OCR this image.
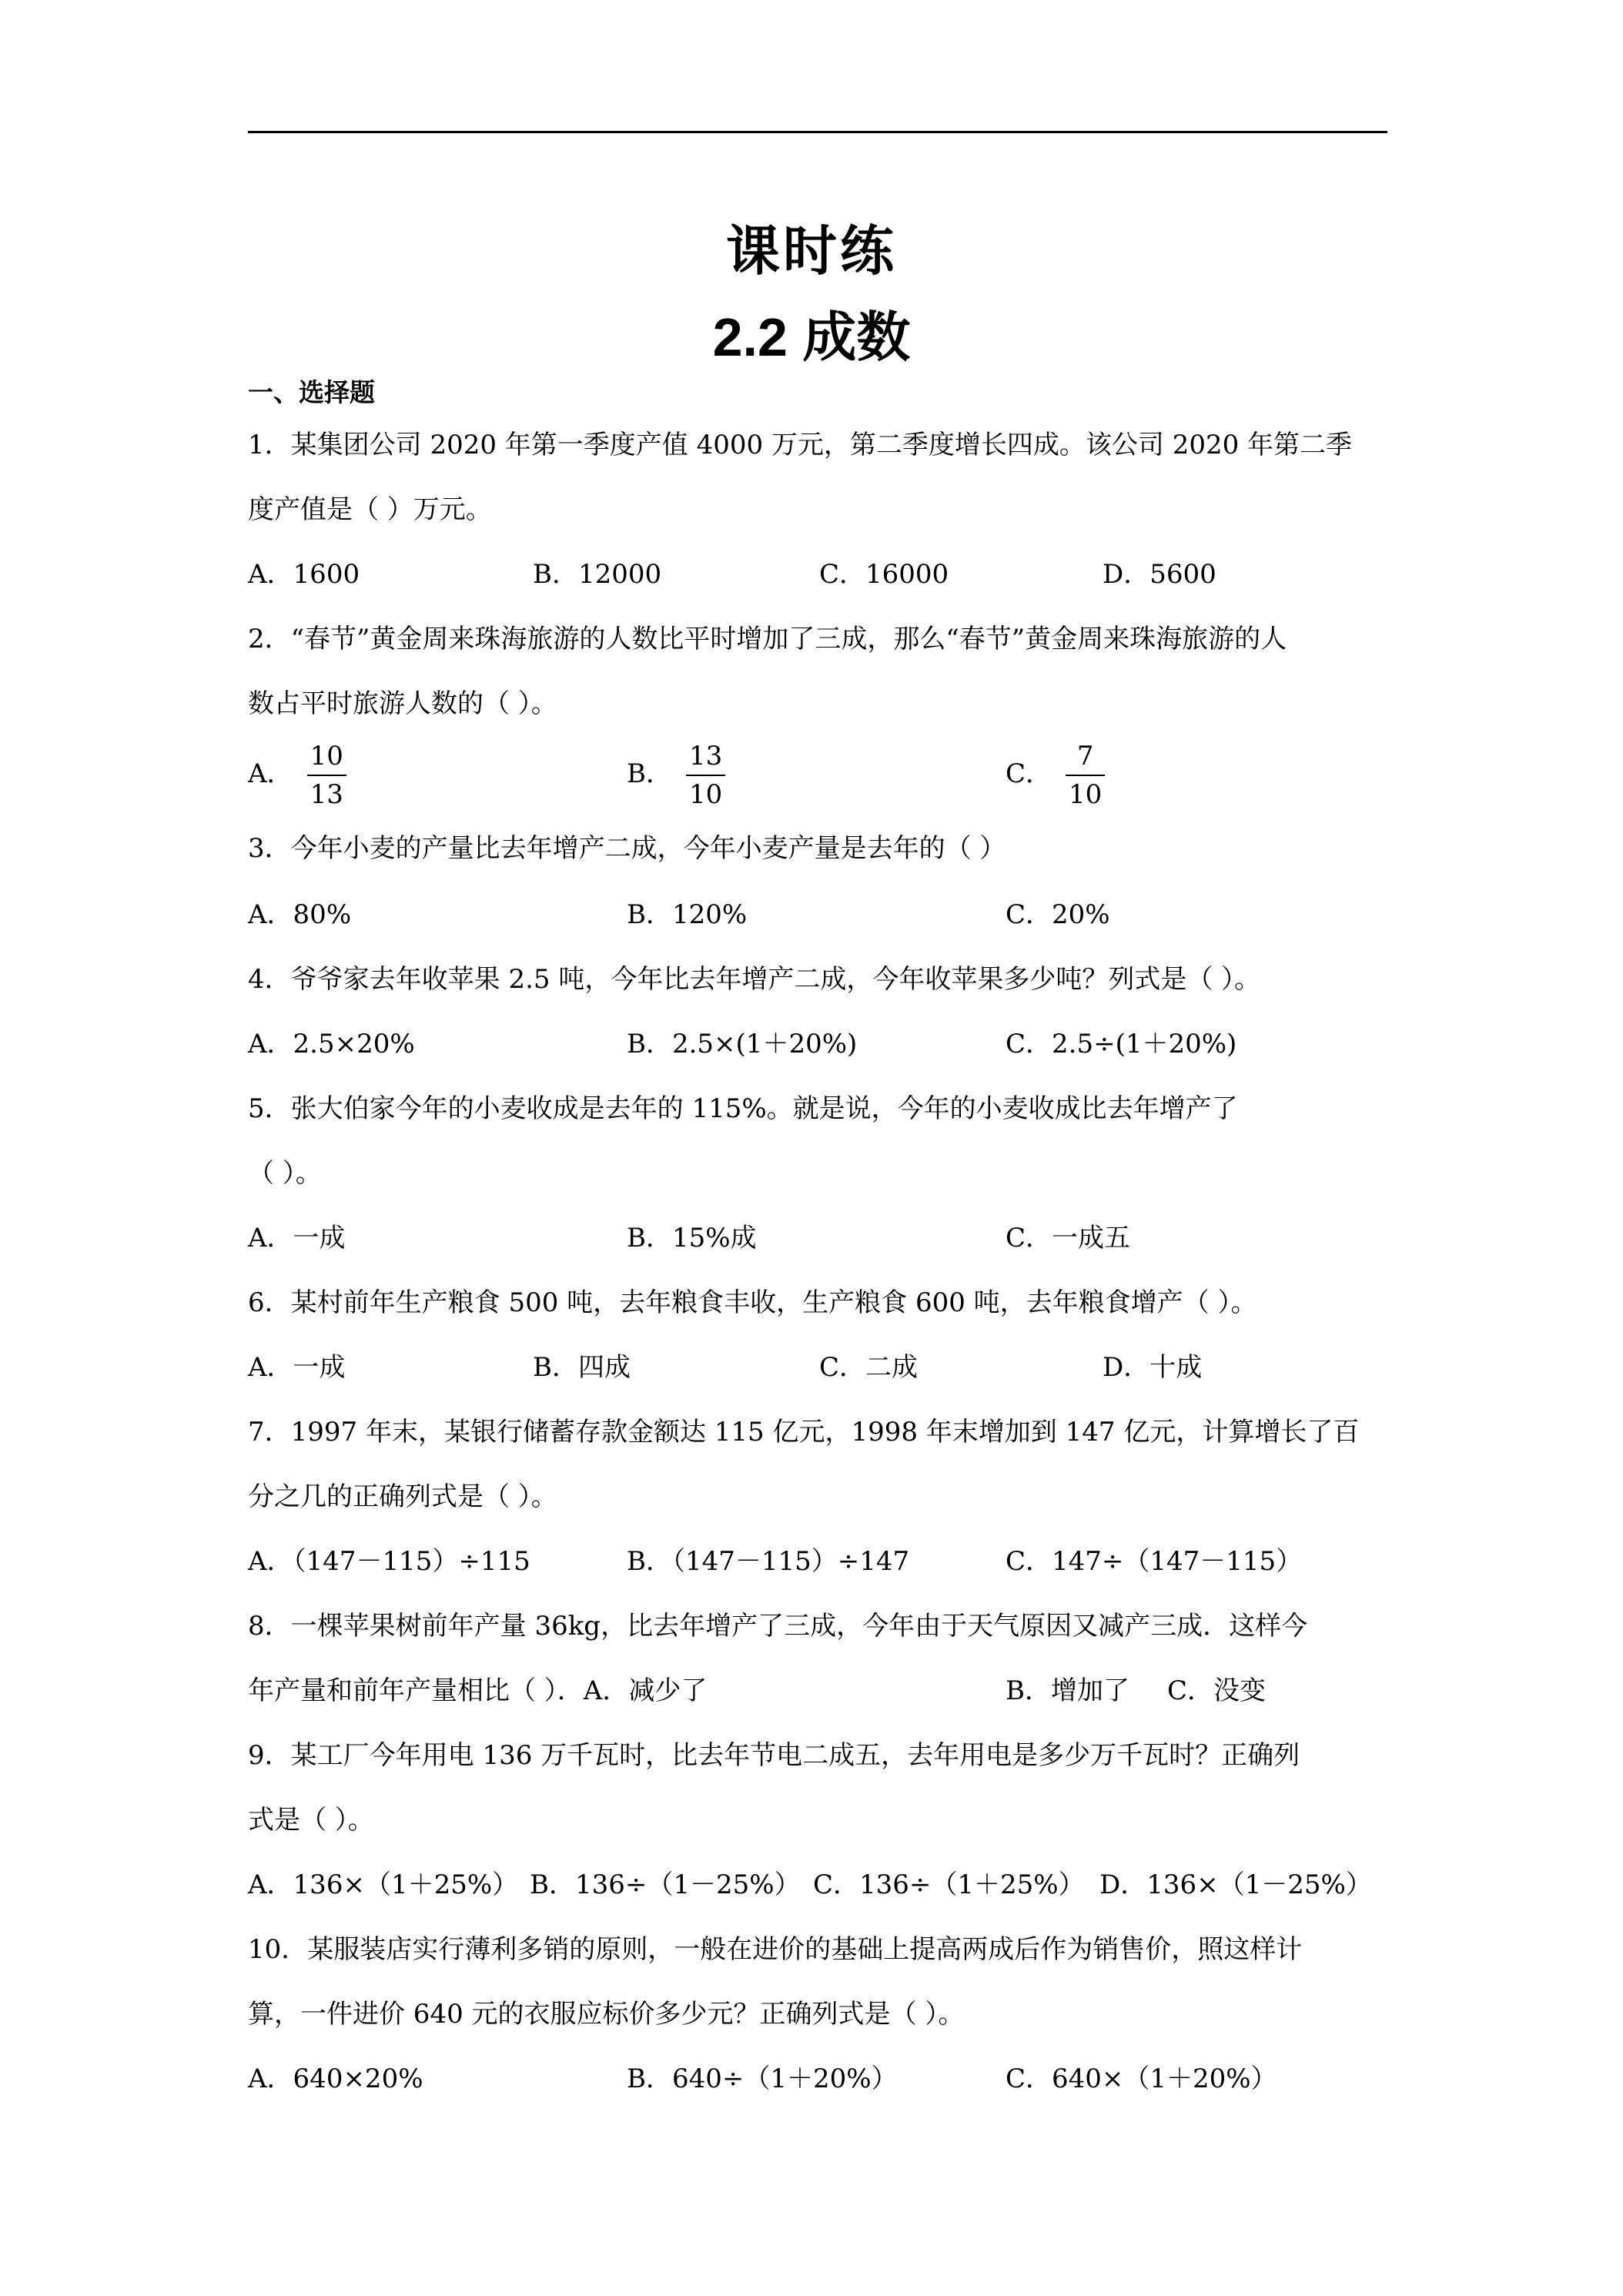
课时练
2.2 成数
一、选择题
1．某集团公司 2020 年第一季度产值 4000 万元，第二季度增长四成。该公司 2020 年第二季
度产值是（ ）万元。
A．1600	B．12000	C．16000	D．5600
2．“春节”黄金周来珠海旅游的人数比平时增加了三成，那么“春节”黄金周来珠海旅游的人
数占平时旅游人数的（ ）。
A． $\frac{10}{13}$	B． $\frac{13}{10}$	C． $\frac{7}{10}$
3．今年小麦的产量比去年增产二成，今年小麦产量是去年的（ ）
A．80%	B．120%	C．20%
4．爷爷家去年收苹果 2.5 吨，今年比去年增产二成，今年收苹果多少吨？列式是（ ）。
A．2.5×20%	B．2.5×(1＋20%)	C．2.5÷(1＋20%)
5．张大伯家今年的小麦收成是去年的 115%。就是说，今年的小麦收成比去年增产了
（ ）。
A．一成	B．15%成	C．一成五
6．某村前年生产粮食 500 吨，去年粮食丰收，生产粮食 600 吨，去年粮食增产（ ）。
A．一成	B．四成	C．二成	D．十成
7．1997 年末，某银行储蓄存款金额达 115 亿元，1998 年末增加到 147 亿元，计算增长了百
分之几的正确列式是（ ）。
A．（147－115）÷115	B．（147－115）÷147	C．147÷（147－115）
8．一棵苹果树前年产量 36kg，比去年增产了三成，今年由于天气原因又减产三成．这样今
年产量和前年产量相比（ ）．A．减少了	B．增加了 C．没变
9．某工厂今年用电 136 万千瓦时，比去年节电二成五，去年用电是多少万千瓦时？正确列
式是（ ）。
A．136×（1＋25%） B．136÷（1－25%） C．136÷（1＋25%） D．136×（1－25%）
10．某服装店实行薄利多销的原则，一般在进价的基础上提高两成后作为销售价，照这样计
算，一件进价 640 元的衣服应标价多少元？正确列式是（ ）。
A．640×20%	B．640÷（1＋20%）	C．640×（1＋20%）
